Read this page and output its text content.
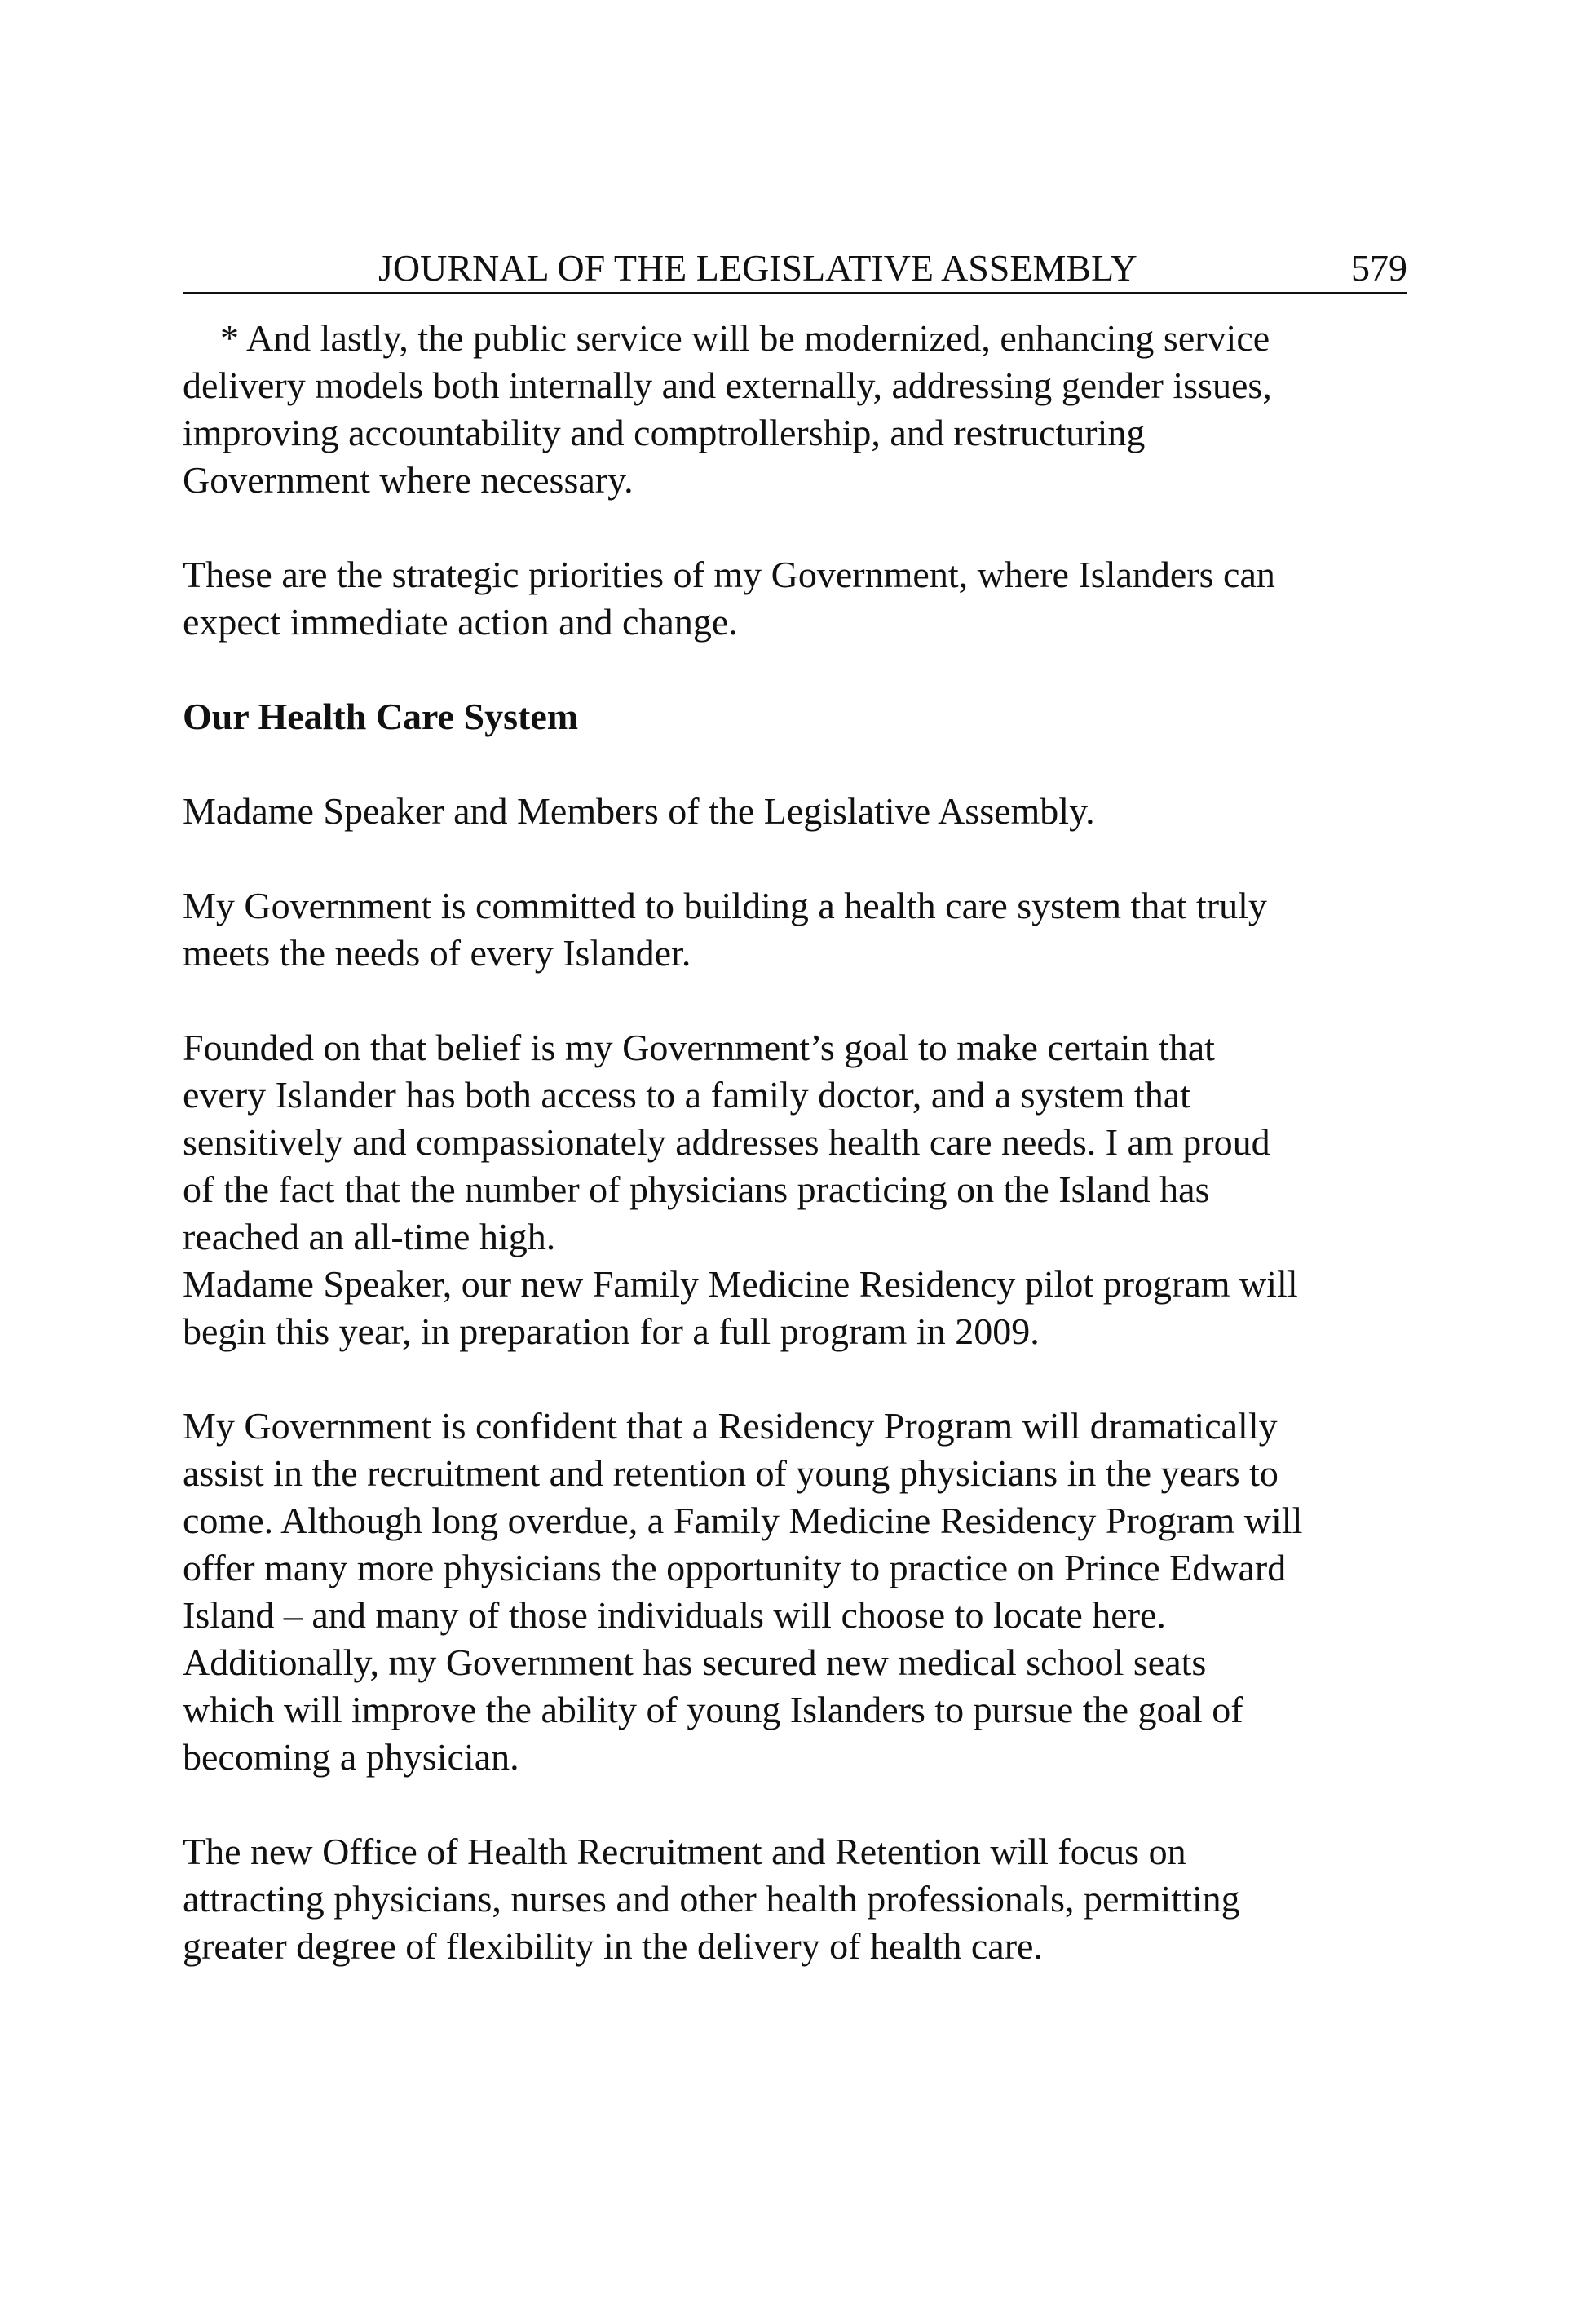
JOURNAL OF THE LEGISLATIVE ASSEMBLY	579

* And lastly, the public service will be modernized, enhancing service
delivery models both internally and externally, addressing gender issues,
improving accountability and comptrollership, and restructuring
Government where necessary.

These are the strategic priorities of my Government, where Islanders can
expect immediate action and change.

Our Health Care System

Madame Speaker and Members of the Legislative Assembly.

My Government is committed to building a health care system that truly
meets the needs of every Islander.

Founded on that belief is my Government’s goal to make certain that
every Islander has both access to a family doctor, and a system that
sensitively and compassionately addresses health care needs. I am proud
of the fact that the number of physicians practicing on the Island has
reached an all-time high.

Madame Speaker, our new Family Medicine Residency pilot program will
begin this year, in preparation for a full program in 2009.

My Government is confident that a Residency Program will dramatically
assist in the recruitment and retention of young physicians in the years to
come. Although long overdue, a Family Medicine Residency Program will
offer many more physicians the opportunity to practice on Prince Edward
Island – and many of those individuals will choose to locate here.
Additionally, my Government has secured new medical school seats
which will improve the ability of young Islanders to pursue the goal of
becoming a physician.

The new Office of Health Recruitment and Retention will focus on
attracting physicians, nurses and other health professionals, permitting
greater degree of flexibility in the delivery of health care.
